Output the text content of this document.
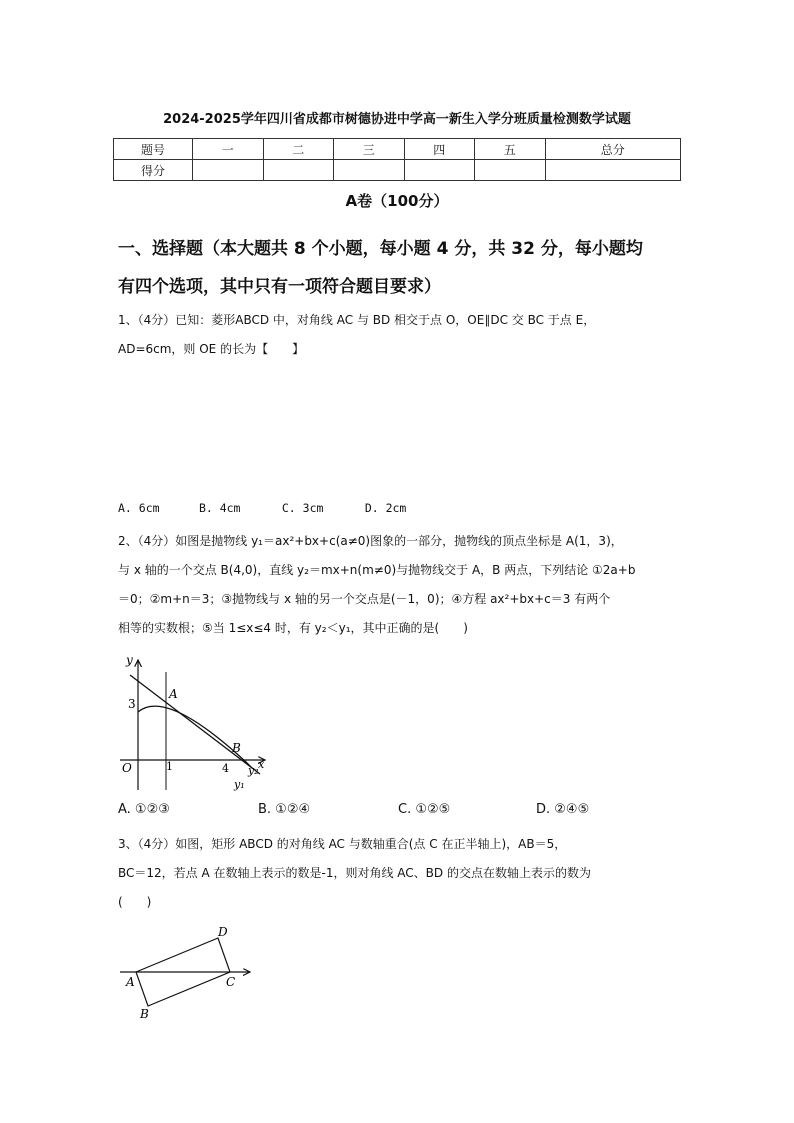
2024-2025学年四川省成都市树德协进中学高一新生入学分班质量检测数学试题
题号	一	二	三	四	五	总分
得分						
A卷（100分）
一、选择题（本大题共 8 个小题，每小题 4 分，共 32 分，每小题均
有四个选项，其中只有一项符合题目要求）
1、（4分）已知：菱形ABCD 中，对角线 AC 与 BD 相交于点 O，OE∥DC 交 BC 于点 E，
AD=6cm，则 OE 的长为【　　】
A. 6cm	B. 4cm	C. 3cm	D. 2cm
2、（4分）如图是抛物线 y₁＝ax²+bx+c(a≠0)图象的一部分，抛物线的顶点坐标是 A(1，3)，
与 x 轴的一个交点 B(4,0)，直线 y₂＝mx+n(m≠0)与抛物线交于 A，B 两点，下列结论 ①2a+b
＝0；②m+n＝3；③抛物线与 x 轴的另一个交点是(－1，0)；④方程 ax²+bx+c＝3 有两个
相等的实数根；⑤当 1≤x≤4 时，有 y₂＜y₁，其中正确的是(　　)
y
x
O
3
1	4
A
B
y₂
y₁
A. ①②③	B. ①②④	C. ①②⑤	D. ②④⑤
3、（4分）如图，矩形 ABCD 的对角线 AC 与数轴重合(点 C 在正半轴上)，AB＝5，
BC＝12，若点 A 在数轴上表示的数是-1，则对角线 AC、BD 的交点在数轴上表示的数为
(　　)
A
B
C
D
